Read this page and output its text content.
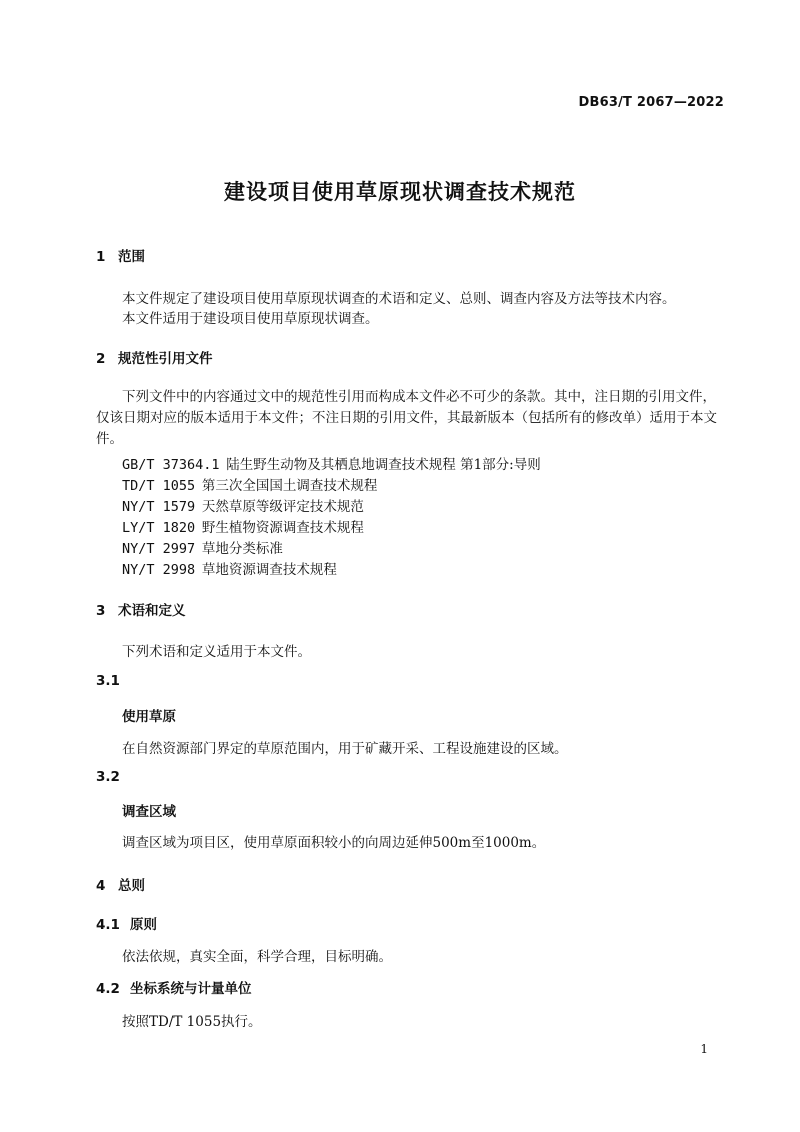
DB63/T 2067—2022
建设项目使用草原现状调查技术规范
1 范围
本文件规定了建设项目使用草原现状调查的术语和定义、总则、调查内容及方法等技术内容。
本文件适用于建设项目使用草原现状调查。
2 规范性引用文件
下列文件中的内容通过文中的规范性引用而构成本文件必不可少的条款。其中，注日期的引用文件，仅该日期对应的版本适用于本文件；不注日期的引用文件，其最新版本（包括所有的修改单）适用于本文件。
GB/T 37364.1 陆生野生动物及其栖息地调查技术规程 第1部分:导则
TD/T 1055 第三次全国国土调查技术规程
NY/T 1579 天然草原等级评定技术规范
LY/T 1820 野生植物资源调查技术规程
NY/T 2997 草地分类标准
NY/T 2998 草地资源调查技术规程
3 术语和定义
下列术语和定义适用于本文件。
3.1
使用草原
在自然资源部门界定的草原范围内，用于矿藏开采、工程设施建设的区域。
3.2
调查区域
调查区域为项目区，使用草原面积较小的向周边延伸500m至1000m。
4 总则
4.1 原则
依法依规，真实全面，科学合理，目标明确。
4.2 坐标系统与计量单位
按照TD/T 1055执行。
1
